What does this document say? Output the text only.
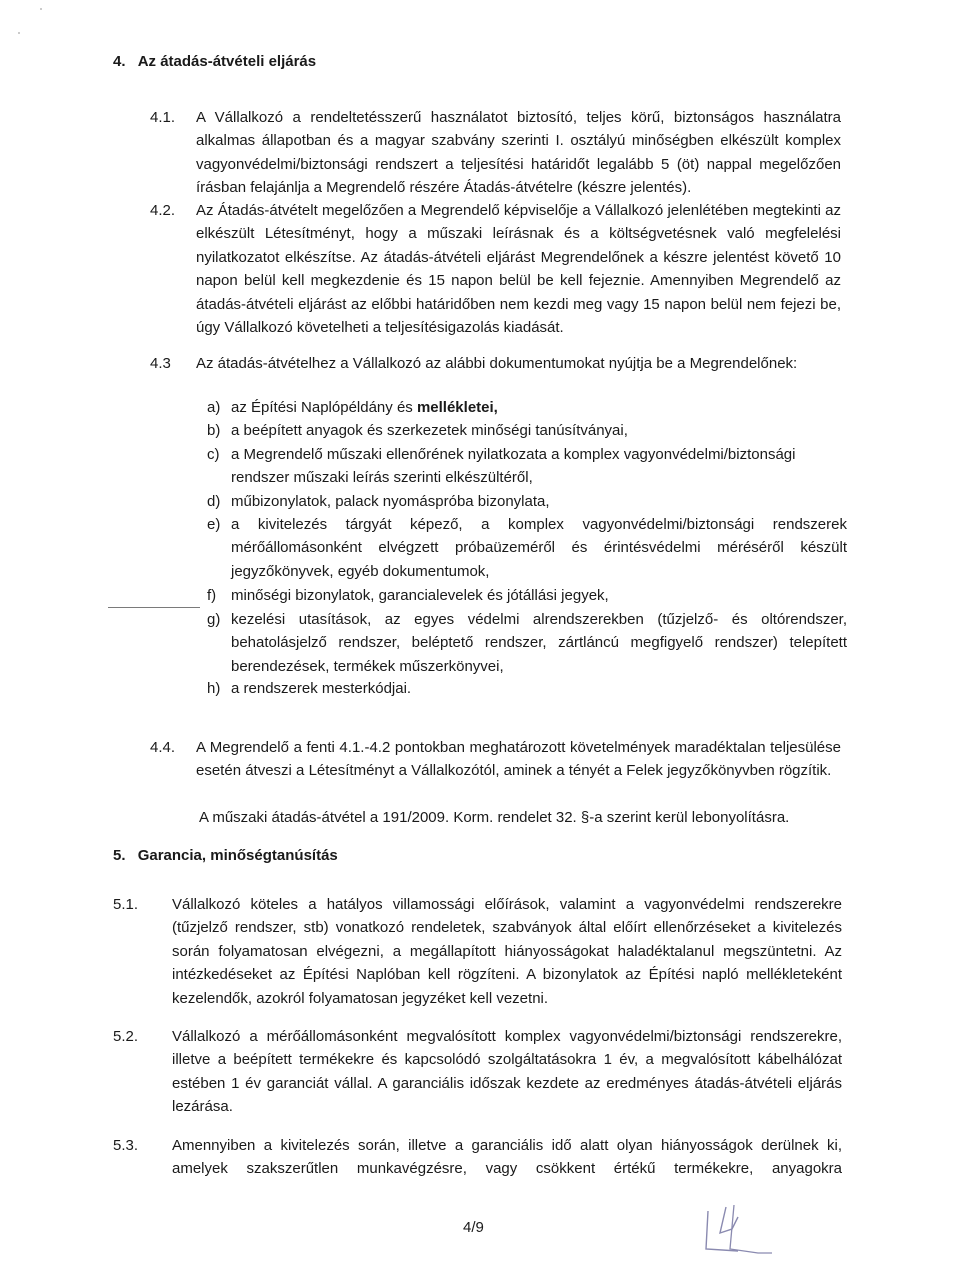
4. Az átadás-átvételi eljárás
4.1. A Vállalkozó a rendeltetésszerű használatot biztosító, teljes körű, biztonságos használatra alkalmas állapotban és a magyar szabvány szerinti I. osztályú minőségben elkészült komplex vagyonvédelmi/biztonsági rendszert a teljesítési határidőt legalább 5 (öt) nappal megelőzően írásban felajánlja a Megrendelő részére Átadás-átvételre (készre jelentés).
4.2. Az Átadás-átvételt megelőzően a Megrendelő képviselője a Vállalkozó jelenlétében megtekinti az elkészült Létesítményt, hogy a műszaki leírásnak és a költségvetésnek való megfelelési nyilatkozatot elkészítse. Az átadás-átvételi eljárást Megrendelőnek a készre jelentést követő 10 napon belül kell megkezdenie és 15 napon belül be kell fejeznie. Amennyiben Megrendelő az átadás-átvételi eljárást az előbbi határidőben nem kezdi meg vagy 15 napon belül nem fejezi be, úgy Vállalkozó követelheti a teljesítésigazolás kiadását.
4.3 Az átadás-átvételhez a Vállalkozó az alábbi dokumentumokat nyújtja be a Megrendelőnek:
a) az Építési Naplópéldány és mellékletei,
b) a beépített anyagok és szerkezetek minőségi tanúsítványai,
c) a Megrendelő műszaki ellenőrének nyilatkozata a komplex vagyonvédelmi/biztonsági rendszer műszaki leírás szerinti elkészültéről,
d) műbizonylatok, palack nyomáspróba bizonylata,
e) a kivitelezés tárgyát képező, a komplex vagyonvédelmi/biztonsági rendszerek mérőállomásonként elvégzett próbaüzeméről és érintésvédelmi méréséről készült jegyzőkönyvek, egyéb dokumentumok,
f) minőségi bizonylatok, garancialevelek és jótállási jegyek,
g) kezelési utasítások, az egyes védelmi alrendszerekben (tűzjelző- és oltórendszer, behatolásjelző rendszer, beléptető rendszer, zártláncú megfigyelő rendszer) telepített berendezések, termékek műszerkönyvei,
h) a rendszerek mesterkódjai.
4.4. A Megrendelő a fenti 4.1.-4.2 pontokban meghatározott követelmények maradéktalan teljesülése esetén átveszi a Létesítményt a Vállalkozótól, aminek a tényét a Felek jegyzőkönyvben rögzítik.
A műszaki átadás-átvétel a 191/2009. Korm. rendelet 32. §-a szerint kerül lebonyolításra.
5. Garancia, minőségtanúsítás
5.1. Vállalkozó köteles a hatályos villamossági előírások, valamint a vagyonvédelmi rendszerekre (tűzjelző rendszer, stb) vonatkozó rendeletek, szabványok által előírt ellenőrzéseket a kivitelezés során folyamatosan elvégezni, a megállapított hiányosságokat haladéktalanul megszüntetni. Az intézkedéseket az Építési Naplóban kell rögzíteni. A bizonylatok az Építési napló mellékleteként kezelendők, azokról folyamatosan jegyzéket kell vezetni.
5.2. Vállalkozó a mérőállomásonként megvalósított komplex vagyonvédelmi/biztonsági rendszerekre, illetve a beépített termékekre és kapcsolódó szolgáltatásokra 1 év, a megvalósított kábelhálózat estében 1 év garanciát vállal. A garanciális időszak kezdete az eredményes átadás-átvételi eljárás lezárása.
5.3. Amennyiben a kivitelezés során, illetve a garanciális idő alatt olyan hiányosságok derülnek ki, amelyek szakszerűtlen munkavégzésre, vagy csökkent értékű termékekre, anyagokra
4/9
